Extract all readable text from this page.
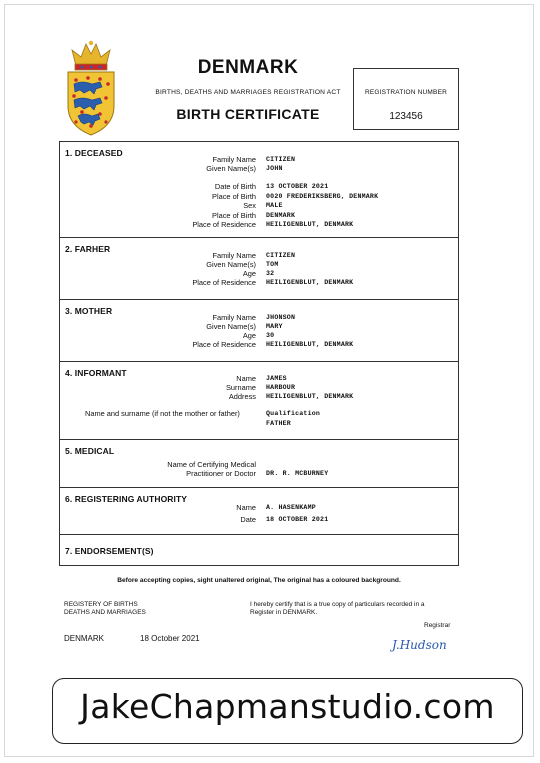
DENMARK
BIRTHS, DEATHS AND MARRIAGES REGISTRATION ACT
BIRTH CERTIFICATE
REGISTRATION NUMBER
123456
1. DECEASED
Family Name CITIZEN
Given Name(s) JOHN
Date of Birth 13 OCTOBER 2021
Place of Birth 0020 FREDERIKSBERG, DENMARK
Sex MALE
Place of Birth DENMARK
Place of Residence HEILIGENBLUT, DENMARK
2. FARHER
Family Name CITIZEN
Given Name(s) TOM
Age 32
Place of Residence HEILIGENBLUT, DENMARK
3. MOTHER
Family Name JHONSON
Given Name(s) MARY
Age 30
Place of Residence HEILIGENBLUT, DENMARK
4. INFORMANT
Name JAMES
Surname HARBOUR
Address HEILIGENBLUT, DENMARK
Name and surname (if not the mother or father)	Qualification
FATHER
5. MEDICAL
Name of Certifying Medical
Practitioner or Doctor DR. R. MCBURNEY
6. REGISTERING AUTHORITY
Name A. HASENKAMP
Date 18 OCTOBER 2021
7. ENDORSEMENT(S)
Before accepting copies, sight unaltered original, The original has a coloured background.
REGISTERY OF BIRTHS
DEATHS AND MARRIAGES
I hereby certify that is a true copy of particulars recorded in a
Register in DENMARK.
Registrar
DENMARK	18 October 2021	J.Hudson
JakeChapmanstudio.com
